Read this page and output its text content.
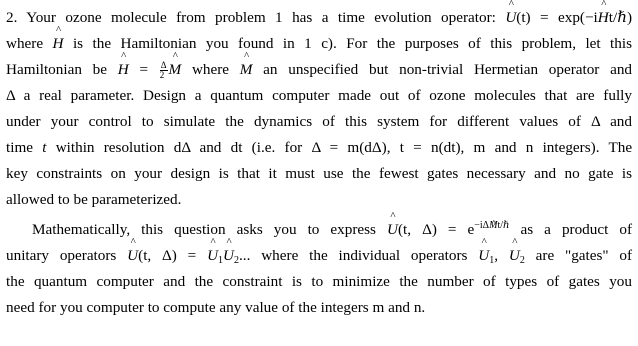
2. Your ozone molecule from problem 1 has a time evolution operator: ^ U(t) = exp(−i^ Ht/ℏ)
where ^ H is the Hamiltonian you found in 1 c). For the purposes of this problem, let this
Hamiltonian be ^ $H = \frac{\Delta}{2}$ ^ M where ^ M an unspecified but non-trivial Hermetian operator and
Δ a real parameter. Design a quantum computer made out of ozone molecules that are fully
under your control to simulate the dynamics of this system for different values of Δ and
time t within resolution dΔ and dt (i.e. for Δ = m(dΔ), t = n(dt), m and n integers). The
key constraints on your design is that it must use the fewest gates necessary and no gate is
allowed to be parameterized.
Mathematically, this question asks you to express ^ U(t, $\Delta) = e^{-i\Delta Mt/\hbar}$ as a product of
unitary operators ^ U(t, Δ) = ^ $U_1\^{}$ $U_2$... where the individual operators ^ $U_1$, ^ $U_2$ are "gates" of
the quantum computer and the constraint is to minimize the number of types of gates you
need for you computer to compute any value of the integers m and n.
